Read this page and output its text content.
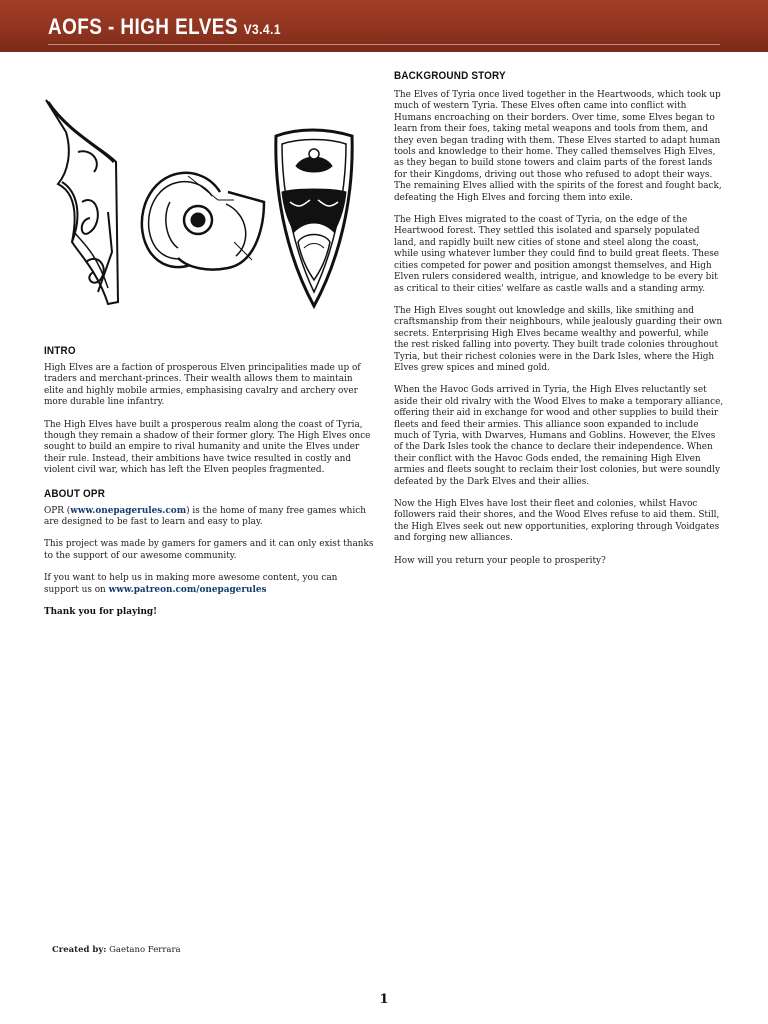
AOFS - HIGH ELVES V3.4.1
INTRO

High Elves are a faction of prosperous Elven principalities made up of traders and merchant-princes. Their wealth allows them to maintain elite and highly mobile armies, emphasising cavalry and archery over more durable line infantry.

The High Elves have built a prosperous realm along the coast of Tyria, though they remain a shadow of their former glory. The High Elves once sought to build an empire to rival humanity and unite the Elves under their rule. Instead, their ambitions have twice resulted in costly and violent civil war, which has left the Elven peoples fragmented.

ABOUT OPR

OPR (www.onepagerules.com) is the home of many free games which are designed to be fast to learn and easy to play.

This project was made by gamers for gamers and it can only exist thanks to the support of our awesome community.

If you want to help us in making more awesome content, you can support us on www.patreon.com/onepagerules

Thank you for playing!

BACKGROUND STORY

The Elves of Tyria once lived together in the Heartwoods, which took up much of western Tyria. These Elves often came into conflict with Humans encroaching on their borders. Over time, some Elves began to learn from their foes, taking metal weapons and tools from them, and they even began trading with them. These Elves started to adapt human tools and knowledge to their home. They called themselves High Elves, as they began to build stone towers and claim parts of the forest lands for their Kingdoms, driving out those who refused to adopt their ways. The remaining Elves allied with the spirits of the forest and fought back, defeating the High Elves and forcing them into exile.

The High Elves migrated to the coast of Tyria, on the edge of the Heartwood forest. They settled this isolated and sparsely populated land, and rapidly built new cities of stone and steel along the coast, while using whatever lumber they could find to build great fleets. These cities competed for power and position amongst themselves, and High Elven rulers considered wealth, intrigue, and knowledge to be every bit as critical to their cities' welfare as castle walls and a standing army.

The High Elves sought out knowledge and skills, like smithing and craftsmanship from their neighbours, while jealously guarding their own secrets. Enterprising High Elves became wealthy and powerful, while the rest risked falling into poverty. They built trade colonies throughout Tyria, but their richest colonies were in the Dark Isles, where the High Elves grew spices and mined gold.

When the Havoc Gods arrived in Tyria, the High Elves reluctantly set aside their old rivalry with the Wood Elves to make a temporary alliance, offering their aid in exchange for wood and other supplies to build their fleets and feed their armies. This alliance soon expanded to include much of Tyria, with Dwarves, Humans and Goblins. However, the Elves of the Dark Isles took the chance to declare their independence. When their conflict with the Havoc Gods ended, the remaining High Elven armies and fleets sought to reclaim their lost colonies, but were soundly defeated by the Dark Elves and their allies.

Now the High Elves have lost their fleet and colonies, whilst Havoc followers raid their shores, and the Wood Elves refuse to aid them. Still, the High Elves seek out new opportunities, exploring through Voidgates and forging new alliances.

How will you return your people to prosperity?

Created by: Gaetano Ferrara
1
